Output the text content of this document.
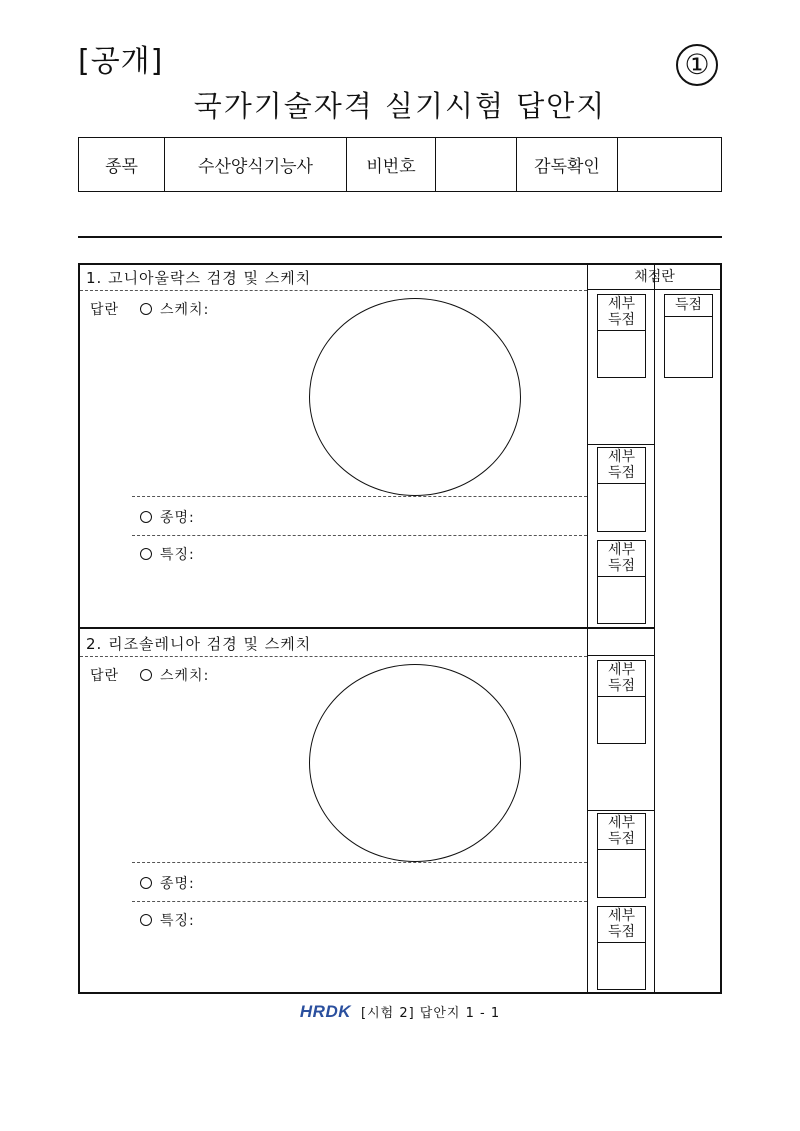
[공개]	①
국가기술자격 실기시험 답안지
종목	수산양식기능사	비번호	감독확인
채점란
1. 고니아울락스 검경 및 스케치
답란	스케치:
종명:
특징:
세부
득점
세부
득점
세부
득점
득점
2. 리조솔레니아 검경 및 스케치
답란	스케치:
종명:
특징:
세부
득점
세부
득점
세부
득점
HRDK [시험 2] 답안지 1 - 1
